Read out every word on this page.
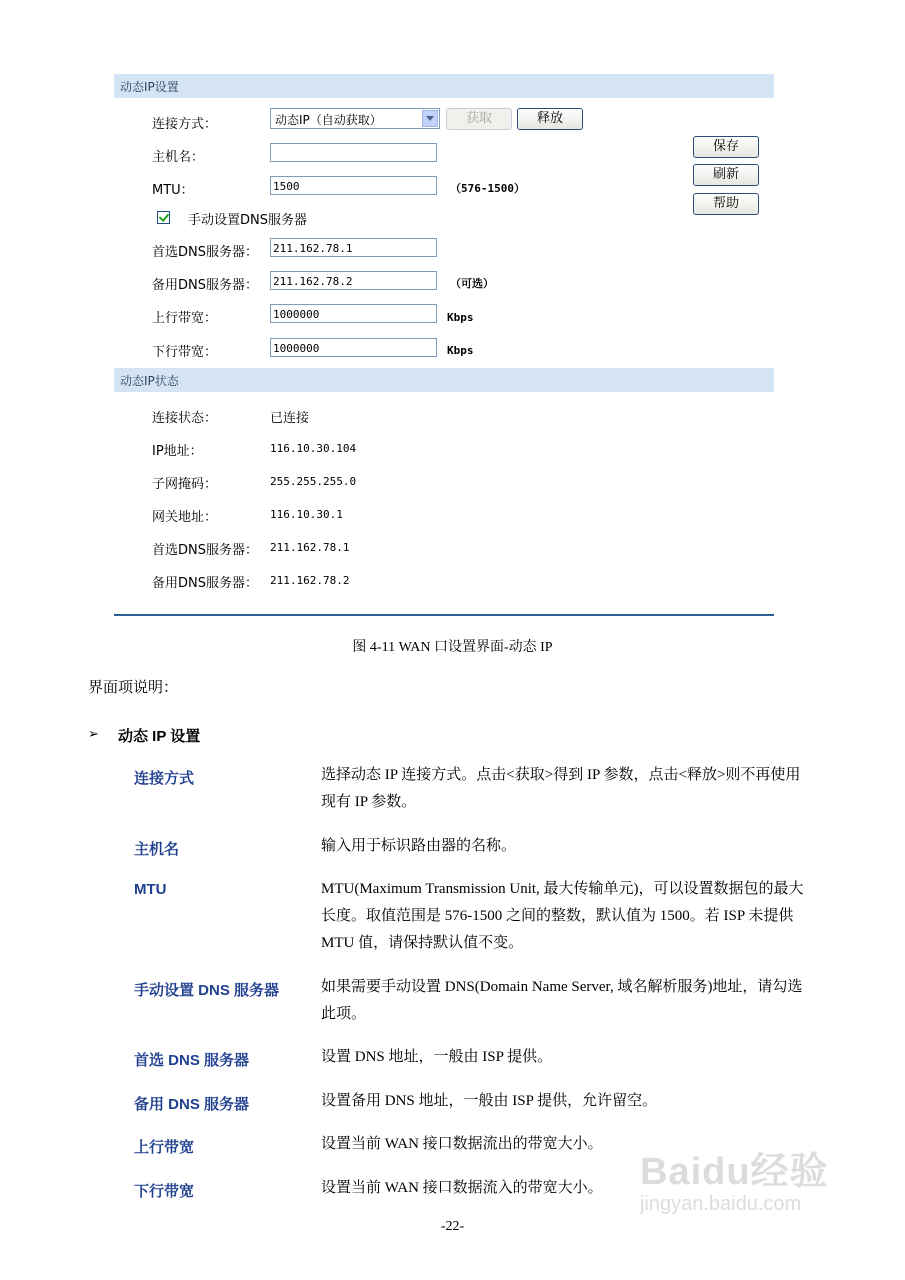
动态IP设置
连接方式：	动态IP（自动获取）	获取	释放
保存
刷新
帮助
主机名：
MTU：	1500	（576-1500）
手动设置DNS服务器
首选DNS服务器： 211.162.78.1
备用DNS服务器： 211.162.78.2	（可选）
上行带宽：	1000000	Kbps
下行带宽：	1000000	Kbps
动态IP状态
连接状态：	已连接
IP地址：	116.10.30.104
子网掩码：	255.255.255.0
网关地址：	116.10.30.1
首选DNS服务器： 211.162.78.1
备用DNS服务器： 211.162.78.2
图 4-11 WAN 口设置界面-动态 IP
界面项说明：
➢ 动态 IP 设置
连接方式	选择动态 IP 连接方式。点击<获取>得到 IP 参数，点击<释放>则不再使用现有 IP 参数。
主机名	输入用于标识路由器的名称。
MTU	MTU(Maximum Transmission Unit, 最大传输单元)，可以设置数据包的最大长度。取值范围是 576-1500 之间的整数，默认值为 1500。若 ISP 未提供 MTU 值，请保持默认值不变。
手动设置 DNS 服务器	如果需要手动设置 DNS(Domain Name Server, 域名解析服务)地址，请勾选此项。
首选 DNS 服务器	设置 DNS 地址，一般由 ISP 提供。
备用 DNS 服务器	设置备用 DNS 地址，一般由 ISP 提供，允许留空。
上行带宽	设置当前 WAN 接口数据流出的带宽大小。
下行带宽	设置当前 WAN 接口数据流入的带宽大小。
-22-
Baidu经验
jingyan.baidu.com
